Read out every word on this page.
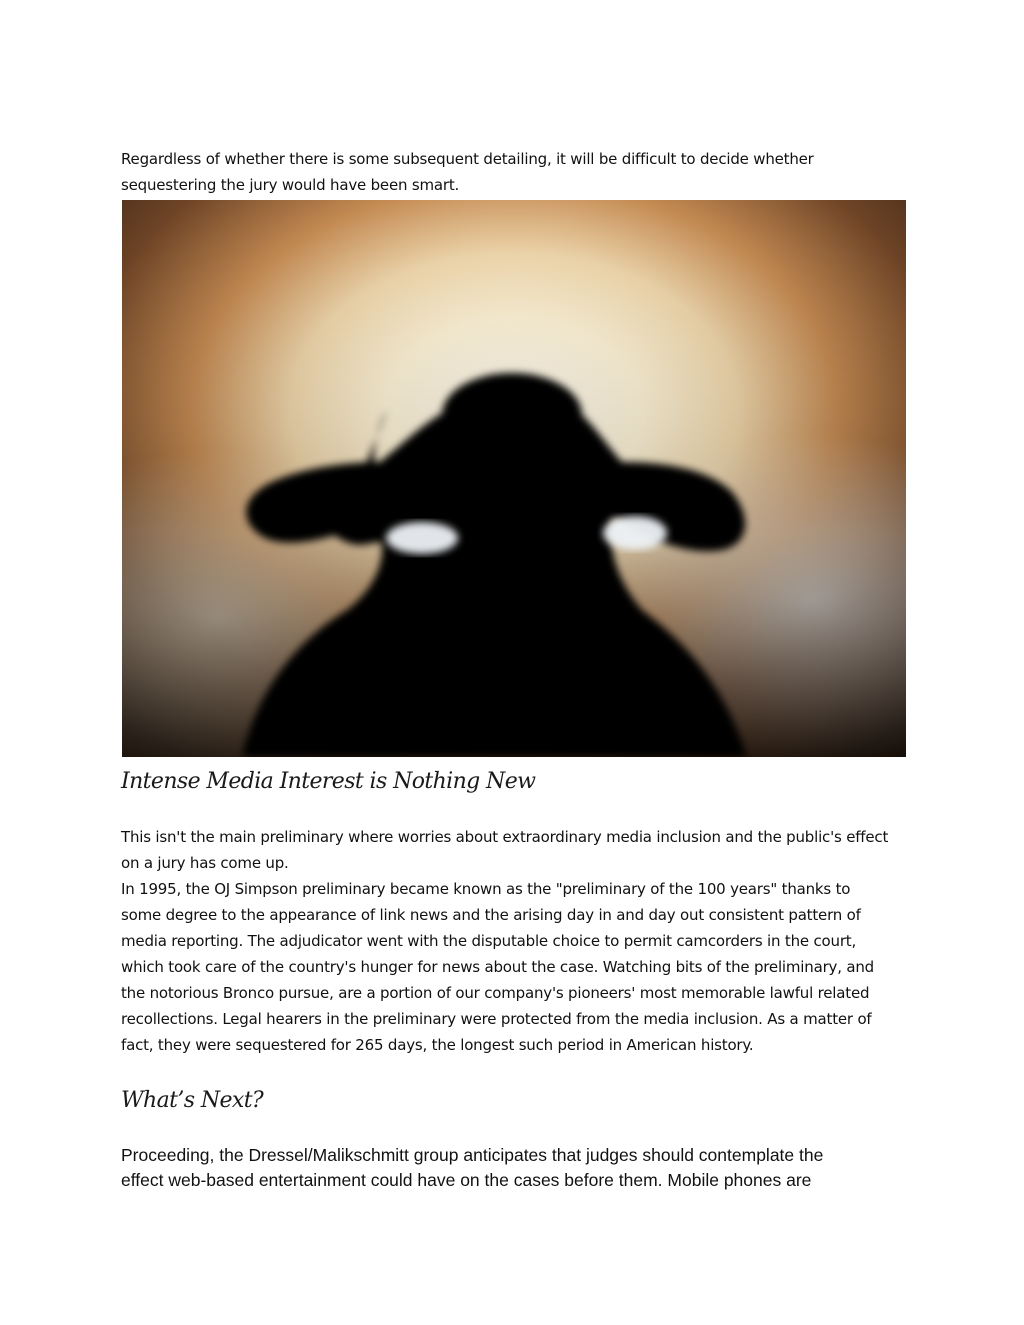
Regardless of whether there is some subsequent detailing, it will be difficult to decide whether
sequestering the jury would have been smart.

Intense Media Interest is Nothing New

This isn't the main preliminary where worries about extraordinary media inclusion and the public's effect
on a jury has come up.
In 1995, the OJ Simpson preliminary became known as the "preliminary of the 100 years" thanks to
some degree to the appearance of link news and the arising day in and day out consistent pattern of
media reporting. The adjudicator went with the disputable choice to permit camcorders in the court,
which took care of the country's hunger for news about the case. Watching bits of the preliminary, and
the notorious Bronco pursue, are a portion of our company's pioneers' most memorable lawful related
recollections. Legal hearers in the preliminary were protected from the media inclusion. As a matter of
fact, they were sequestered for 265 days, the longest such period in American history.

What’s Next?

Proceeding, the Dressel/Malikschmitt group anticipates that judges should contemplate the
effect web-based entertainment could have on the cases before them. Mobile phones are
